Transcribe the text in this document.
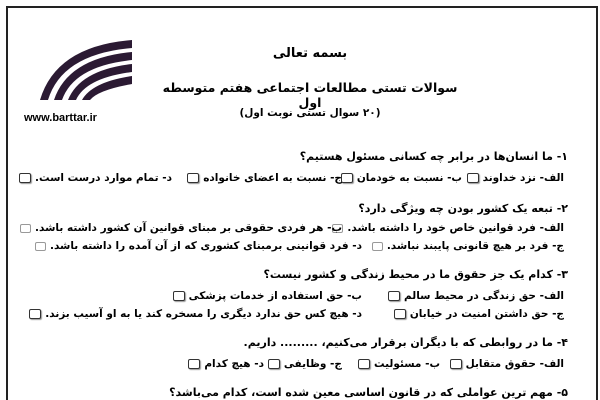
www.barttar.ir
بسمه تعالی
سوالات تستی مطالعات اجتماعی هفتم متوسطه اول
(۲۰ سوال تستی نوبت اول)
۱- ما انسان‌ها در برابر چه کسانی مسئول هستیم؟
الف- نزد خداوند
ب- نسبت به خودمان
ج- نسبت به اعضای خانواده
د- تمام موارد درست است.
۲- تبعه یک کشور بودن چه ویژگی دارد؟
الف- فرد قوانین خاص خود را داشته باشد.
ب- هر فردی حقوقی بر مبنای قوانین آن کشور داشته باشد.
ج- فرد بر هیچ قانونی پایبند نباشد.
د- فرد قوانینی برمبنای کشوری که از آن آمده را داشته باشد.
۳- کدام یک جز حقوق ما در محیط زندگی و کشور نیست؟
الف- حق زندگی در محیط سالم
ب- حق استفاده از خدمات پزشکی
ج- حق داشتن امنیت در خیابان
د- هیچ کس حق ندارد دیگری را مسخره کند یا به او آسیب بزند.
۴- ما در روابطی که با دیگران برقرار می‌کنیم، ......... داریم.
الف- حقوق متقابل
ب- مسئولیت
ج- وظایفی
د- هیچ کدام
۵- مهم ترین عواملی که در قانون اساسی معین شده است، کدام می‌باشد؟
